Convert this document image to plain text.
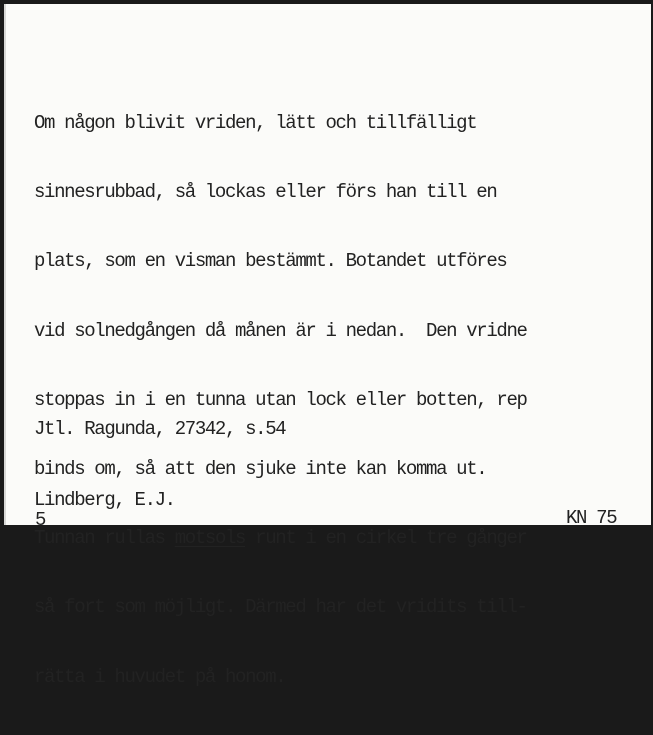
Om någon blivit vriden, lätt och tillfälligt

sinnesrubbad, så lockas eller förs han till en

plats, som en visman bestämmt. Botandet utföres

vid solnedgången då månen är i nedan.  Den vridne

stoppas in i en tunna utan lock eller botten, rep

binds om, så att den sjuke inte kan komma ut.

Tunnan rullas motsols runt i en cirkel tre gånger

så fort som möjligt. Därmed har det vridits till-

rätta i huvudet på honom.

Jtl. Ragunda, 27342, s.54

Lindberg, E.J.

5	KN 75
